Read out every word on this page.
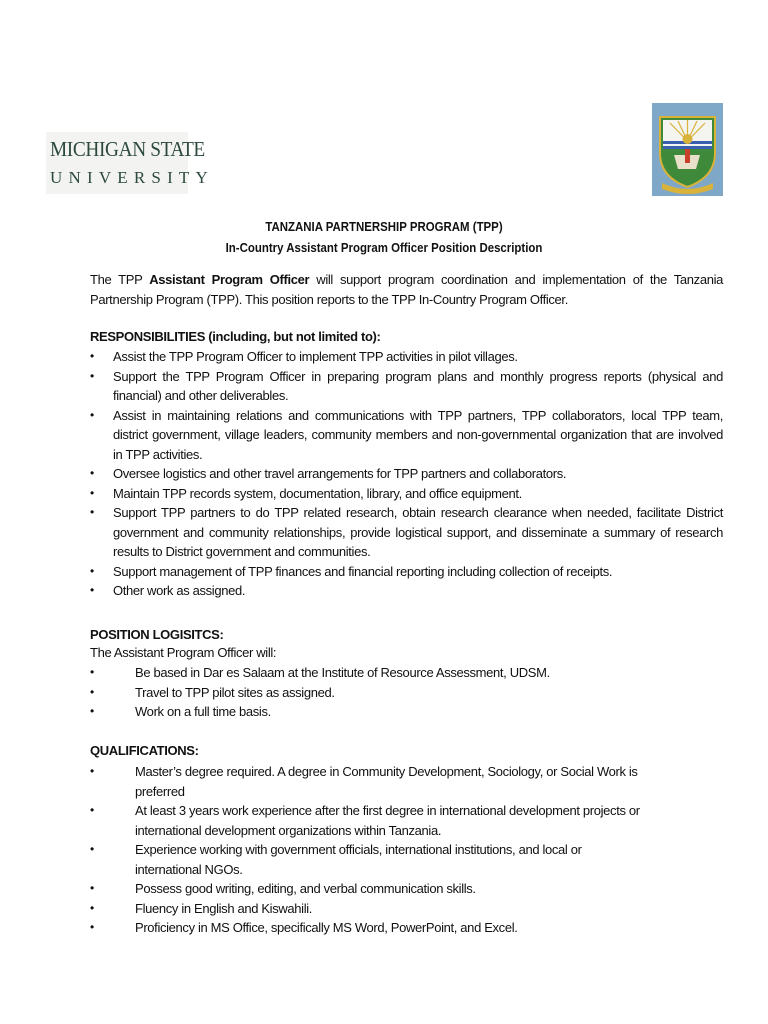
MICHIGAN STATE
UNIVERSITY
TANZANIA PARTNERSHIP PROGRAM (TPP)
In-Country Assistant Program Officer Position Description
The TPP Assistant Program Officer will support program coordination and implementation of the Tanzania Partnership Program (TPP). This position reports to the TPP In-Country Program Officer.
RESPONSIBILITIES (including, but not limited to):
• Assist the TPP Program Officer to implement TPP activities in pilot villages.
• Support the TPP Program Officer in preparing program plans and monthly progress reports (physical and financial) and other deliverables.
• Assist in maintaining relations and communications with TPP partners, TPP collaborators, local TPP team, district government, village leaders, community members and non-governmental organization that are involved in TPP activities.
• Oversee logistics and other travel arrangements for TPP partners and collaborators.
• Maintain TPP records system, documentation, library, and office equipment.
• Support TPP partners to do TPP related research, obtain research clearance when needed, facilitate District government and community relationships, provide logistical support, and disseminate a summary of research results to District government and communities.
• Support management of TPP finances and financial reporting including collection of receipts.
• Other work as assigned.
POSITION LOGISITCS:
The Assistant Program Officer will:
•	Be based in Dar es Salaam at the Institute of Resource Assessment, UDSM.
•	Travel to TPP pilot sites as assigned.
•	Work on a full time basis.
QUALIFICATIONS:
•	Master’s degree required. A degree in Community Development, Sociology, or Social Work is preferred
•	At least 3 years work experience after the first degree in international development projects or international development organizations within Tanzania.
•	Experience working with government officials, international institutions, and local or international NGOs.
•	Possess good writing, editing, and verbal communication skills.
•	Fluency in English and Kiswahili.
•	Proficiency in MS Office, specifically MS Word, PowerPoint, and Excel.
